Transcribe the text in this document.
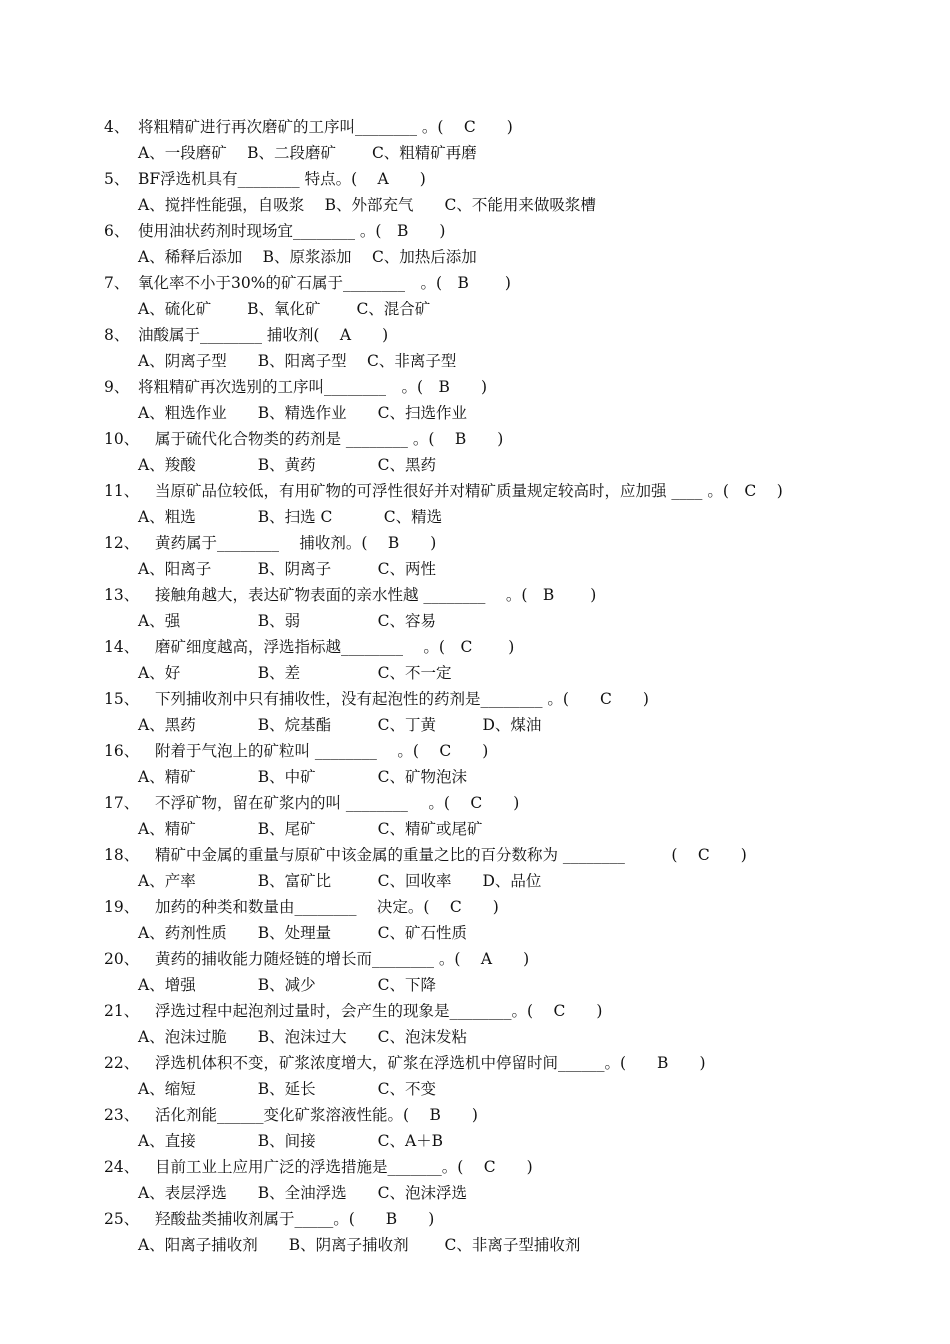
4、 将粗精矿进行再次磨矿的工序叫________ 。(　 C　　)
A、一段磨矿　 B、二段磨矿　　 C、粗精矿再磨
5、 BF浮选机具有________ 特点。(　 A　　)
A、搅拌性能强，自吸浆　 B、外部充气　　C、不能用来做吸浆槽
6、 使用油状药剂时现场宜________ 。(　B　　)
A、稀释后添加　 B、原浆添加　 C、加热后添加
7、 氧化率不小于30%的矿石属于________　。(　B　　 )
A、硫化矿　　 B、氧化矿　　 C、混合矿
8、 油酸属于________ 捕收剂(　 A　　)
A、阴离子型　　B、阳离子型　 C、非离子型
9、 将粗精矿再次选别的工序叫________　。(　B　　)
A、粗选作业　　B、精选作业　　C、扫选作业
10、 属于硫代化合物类的药剂是 ________ 。(　 B　　)
A、羧酸　　　　B、黄药　　　　C、黑药
11、 当原矿品位较低，有用矿物的可浮性很好并对精矿质量规定较高时，应加强 ____ 。(　C　 )
A、粗选　　　　B、扫选 C　　　 C、精选
12、 黄药属于________　 捕收剂。(　 B　　)
A、阳离子　　　B、阴离子　　　C、两性
13、 接触角越大，表达矿物表面的亲水性越 ________ 　。(　B　　 )
A、强　　　　　B、弱　　　　　C、容易
14、 磨矿细度越高，浮选指标越________ 　。(　C　　 )
A、好　　　　　B、差　　　　　C、不一定
15、 下列捕收剂中只有捕收性，没有起泡性的药剂是________ 。(　　C　　)
A、黑药　　　　B、烷基酯　　　C、丁黄　　　D、煤油
16、 附着于气泡上的矿粒叫 ________　 。(　 C　　)
A、精矿　　　　B、中矿　　　　C、矿物泡沫
17、 不浮矿物，留在矿浆内的叫 ________　 。(　 C　　)
A、精矿　　　　B、尾矿　　　　C、精矿或尾矿
18、 精矿中金属的重量与原矿中该金属的重量之比的百分数称为 ________　　　(　 C　　)
A、产率　　　　B、富矿比　　　C、回收率　　D、品位
19、 加药的种类和数量由________　 决定。(　 C　　)
A、药剂性质　　B、处理量　　　C、矿石性质
20、 黄药的捕收能力随烃链的增长而________ 。(　 A　　)
A、增强　　　　B、减少　　　　C、下降
21、 浮选过程中起泡剂过量时，会产生的现象是________。(　 C　　)
A、泡沫过脆　　B、泡沫过大　　C、泡沫发粘
22、 浮选机体积不变，矿浆浓度增大，矿浆在浮选机中停留时间______。(　　B　　)
A、缩短　　　　B、延长　　　　C、不变
23、 活化剂能______变化矿浆溶液性能。(　 B　　)
A、直接　　　　B、间接　　　　C、A＋B
24、 目前工业上应用广泛的浮选措施是_______。(　 C　　)
A、表层浮选　　B、全油浮选　　C、泡沫浮选
25、 羟酸盐类捕收剂属于_____。(　　B　　)
A、阳离子捕收剂　　B、阴离子捕收剂　　 C、非离子型捕收剂
